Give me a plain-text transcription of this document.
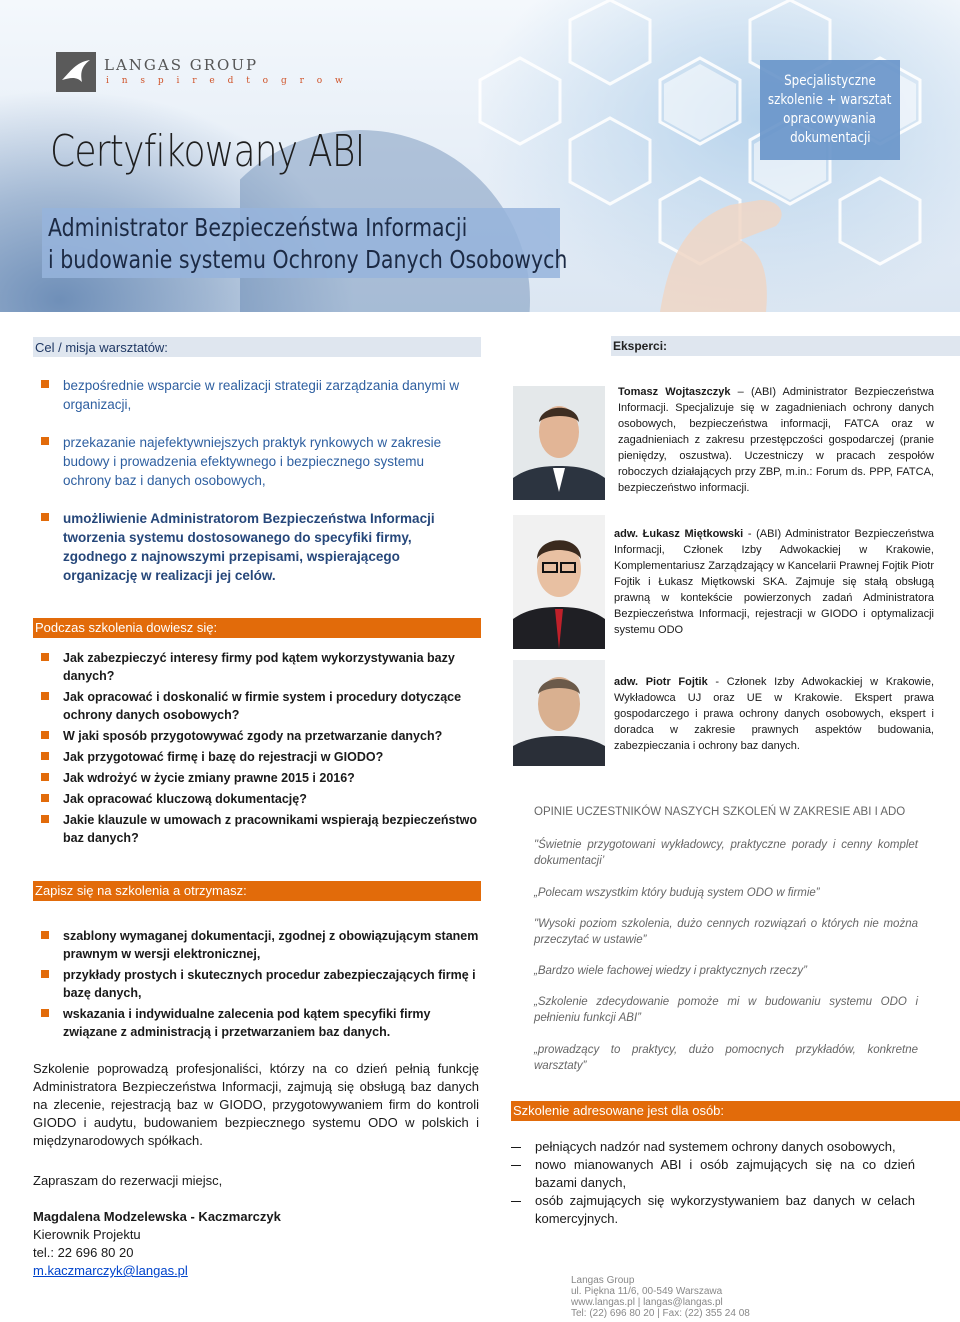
LANGAS GROUP
i n s p i r e d t o g r o w
Certyfikowany ABI
Administrator Bezpieczeństwa Informacji
i budowanie systemu Ochrony Danych Osobowych
Specjalistyczne
szkolenie + warsztat
opracowywania
dokumentacji
Cel / misja warsztatów:
bezpośrednie wsparcie w realizacji strategii zarządzania danymi w organizacji,
przekazanie najefektywniejszych praktyk rynkowych w zakresie budowy i prowadzenia efektywnego i bezpiecznego systemu ochrony baz i danych osobowych,
umożliwienie Administratorom Bezpieczeństwa Informacji tworzenia systemu dostosowanego do specyfiki firmy, zgodnego z najnowszymi przepisami, wspierającego organizację w realizacji jej celów.
Podczas szkolenia dowiesz się:
Jak zabezpieczyć interesy firmy pod kątem wykorzystywania bazy danych?
Jak opracować i doskonalić w firmie system i procedury dotyczące ochrony danych osobowych?
W jaki sposób przygotowywać zgody na przetwarzanie danych?
Jak przygotować firmę i bazę do rejestracji w GIODO?
Jak wdrożyć w życie zmiany prawne 2015 i 2016?
Jak opracować kluczową dokumentację?
Jakie klauzule w umowach z pracownikami wspierają bezpieczeństwo baz danych?
Zapisz się na szkolenia a otrzymasz:
szablony wymaganej dokumentacji, zgodnej z obowiązującym stanem prawnym w wersji elektronicznej,
przykłady prostych i skutecznych procedur zabezpieczających firmę i bazę danych,
wskazania i indywidualne zalecenia pod kątem specyfiki firmy związane z administracją i przetwarzaniem baz danych.
Szkolenie poprowadzą profesjonaliści, którzy na co dzień pełnią funkcję Administratora Bezpieczeństwa Informacji, zajmują się obsługą baz danych na zlecenie, rejestracją baz w GIODO, przygotowywaniem firm do kontroli GIODO i audytu, budowaniem bezpiecznego systemu ODO w polskich i międzynarodowych spółkach.
Zapraszam do rezerwacji miejsc,
Magdalena Modzelewska - Kaczmarczyk
Kierownik Projektu
tel.: 22 696 80 20
m.kaczmarczyk@langas.pl
Eksperci:
Tomasz Wojtaszczyk – (ABI) Administrator Bezpieczeństwa Informacji. Specjalizuje się w zagadnieniach ochrony danych osobowych, bezpieczeństwa informacji, FATCA oraz w zagadnieniach z zakresu przestępczości gospodarczej (pranie pieniędzy, oszustwa). Uczestniczy w pracach zespołów roboczych działających przy ZBP, m.in.: Forum ds. PPP, FATCA, bezpieczeństwo informacji.
adw. Łukasz Miętkowski - (ABI) Administrator Bezpieczeństwa Informacji, Członek Izby Adwokackiej w Krakowie, Komplementariusz Zarządzający w Kancelarii Prawnej Fojtik Piotr Fojtik i Łukasz Miętkowski SKA. Zajmuje się stałą obsługą prawną w kontekście powierzonych zadań Administratora Bezpieczeństwa Informacji, rejestracji w GIODO i optymalizacji systemu ODO
adw. Piotr Fojtik - Członek Izby Adwokackiej w Krakowie, Wykładowca UJ oraz UE w Krakowie. Ekspert prawa gospodarczego i prawa ochrony danych osobowych, ekspert i doradca w zakresie prawnych aspektów budowania, zabezpieczania i ochrony baz danych.
OPINIE UCZESTNIKÓW NASZYCH SZKOLEŃ W ZAKRESIE ABI I ADO
"Świetnie przygotowani wykładowcy, praktyczne porady i cenny komplet dokumentacji’
„Polecam wszystkim który budują system ODO w firmie”
"Wysoki poziom szkolenia, dużo cennych rozwiązań o których nie można przeczytać w ustawie”
„Bardzo wiele fachowej wiedzy i praktycznych rzeczy”
„Szkolenie zdecydowanie pomoże mi w budowaniu systemu ODO i pełnieniu funkcji ABI”
„prowadzący to praktycy, dużo pomocnych przykładów, konkretne warsztaty”
Szkolenie adresowane jest dla osób:
pełniących nadzór nad systemem ochrony danych osobowych,
nowo mianowanych ABI i osób zajmujących się na co dzień bazami danych,
osób zajmujących się wykorzystywaniem baz danych w celach komercyjnych.
Langas Group
ul. Piękna 11/6, 00-549 Warszawa
www.langas.pl | langas@langas.pl
Tel: (22) 696 80 20 | Fax: (22) 355 24 08
